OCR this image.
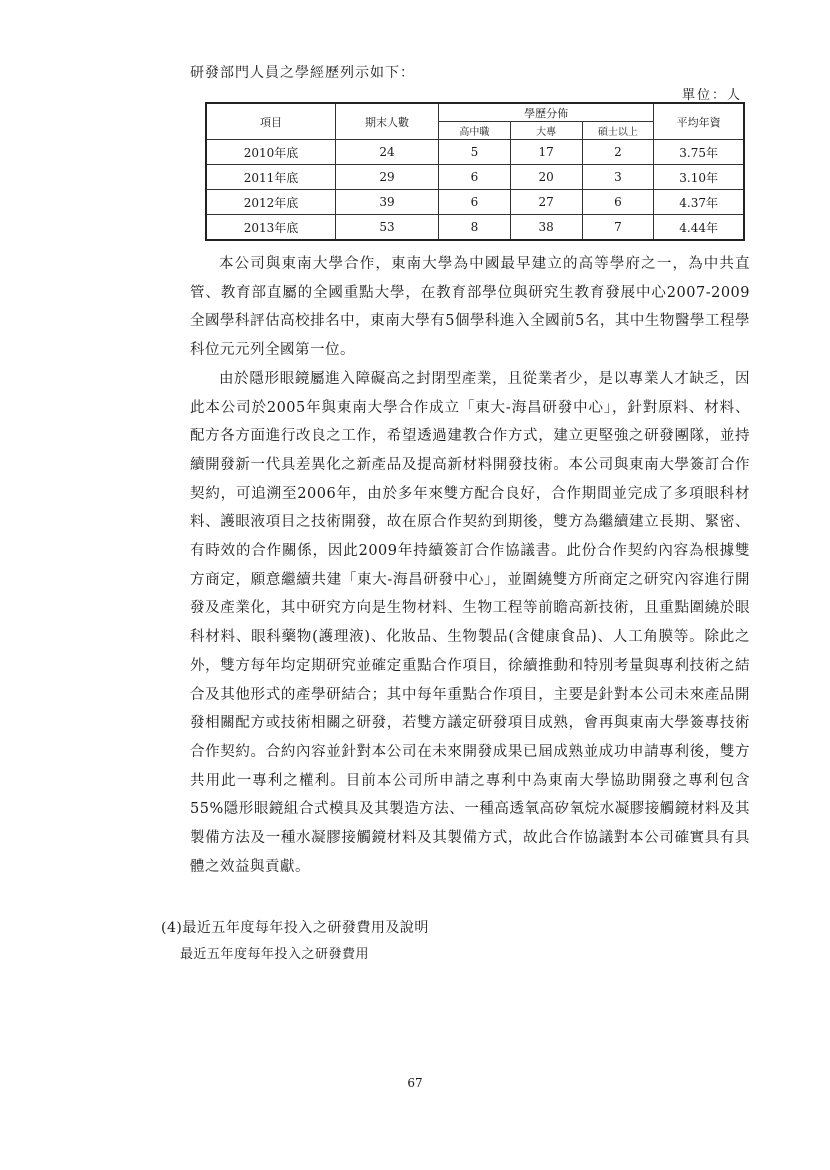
研發部門人員之學經歷列示如下：
單位：人
項目	期末人數	學歷分佈			平均年資
		高中職	大專	碩士以上	
2010年底	24	5	17	2	3.75年
2011年底	29	6	20	3	3.10年
2012年底	39	6	27	6	4.37年
2013年底	53	8	38	7	4.44年

本公司與東南大學合作，東南大學為中國最早建立的高等學府之一，為中共直管、教育部直屬的全國重點大學，在教育部學位與研究生教育發展中心2007-2009全國學科評估高校排名中，東南大學有5個學科進入全國前5名，其中生物醫學工程學科位元元列全國第一位。

由於隱形眼鏡屬進入障礙高之封閉型產業，且從業者少，是以專業人才缺乏，因此本公司於2005年與東南大學合作成立「東大-海昌研發中心」，針對原料、材料、配方各方面進行改良之工作，希望透過建教合作方式，建立更堅強之研發團隊，並持續開發新一代具差異化之新產品及提高新材料開發技術。本公司與東南大學簽訂合作契約，可追溯至2006年，由於多年來雙方配合良好，合作期間並完成了多項眼科材料、護眼液項目之技術開發，故在原合作契約到期後，雙方為繼續建立長期、緊密、有時效的合作關係，因此2009年持續簽訂合作協議書。此份合作契約內容為根據雙方商定，願意繼續共建「東大-海昌研發中心」，並圍繞雙方所商定之研究內容進行開發及產業化，其中研究方向是生物材料、生物工程等前瞻高新技術，且重點圍繞於眼科材料、眼科藥物(護理液)、化妝品、生物製品(含健康食品)、人工角膜等。除此之外，雙方每年均定期研究並確定重點合作項目，徐續推動和特別考量與專利技術之結合及其他形式的產學研結合；其中每年重點合作項目，主要是針對本公司未來產品開發相關配方或技術相關之研發，若雙方議定研發項目成熟，會再與東南大學簽專技術合作契約。合約內容並針對本公司在未來開發成果已屆成熟並成功申請專利後，雙方共用此一專利之權利。目前本公司所申請之專利中為東南大學協助開發之專利包含55%隱形眼鏡組合式模具及其製造方法、一種高透氧高矽氧烷水凝膠接觸鏡材料及其製備方法及一種水凝膠接觸鏡材料及其製備方式，故此合作協議對本公司確實具有具體之效益與貢獻。

(4)最近五年度每年投入之研發費用及說明
最近五年度每年投入之研發費用
67
